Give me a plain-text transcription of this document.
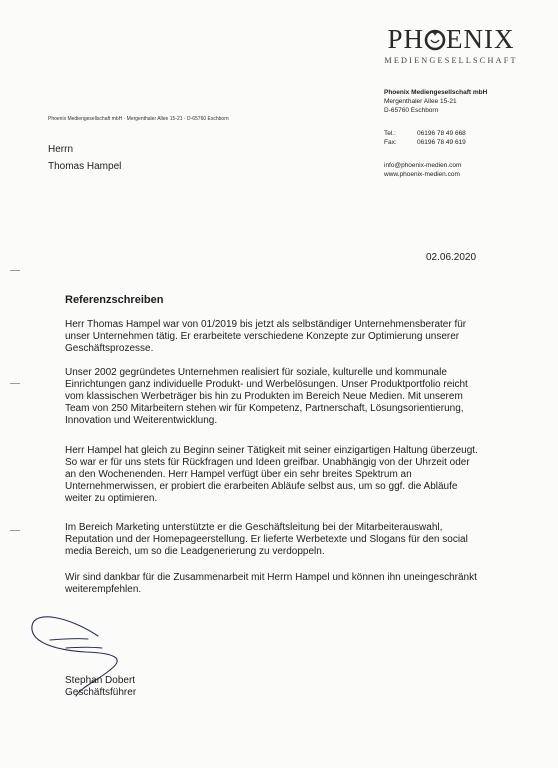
PH ENIX
MEDIENGESELLSCHAFT
Phoenix Mediengesellschaft mbH · Mergenthaler Allee 15-21 · D-65760 Eschborn
Herrn
Thomas Hampel
Phoenix Mediengesellschaft mbH
Mergenthaler Allee 15-21
D-65760 Eschborn
Tel.:	06196 78 49 668
Fax:	06196 78 49 619
info@phoenix-medien.com
www.phoenix-medien.com
02.06.2020
Referenzschreiben
Herr Thomas Hampel war von 01/2019 bis jetzt als selbständiger Unternehmensberater für
unser Unternehmen tätig. Er erarbeitete verschiedene Konzepte zur Optimierung unserer
Geschäftsprozesse.
Unser 2002 gegründetes Unternehmen realisiert für soziale, kulturelle und kommunale
Einrichtungen ganz individuelle Produkt- und Werbelösungen. Unser Produktportfolio reicht
vom klassischen Werbeträger bis hin zu Produkten im Bereich Neue Medien. Mit unserem
Team von 250 Mitarbeitern stehen wir für Kompetenz, Partnerschaft, Lösungsorientierung,
Innovation und Weiterentwicklung.
Herr Hampel hat gleich zu Beginn seiner Tätigkeit mit seiner einzigartigen Haltung überzeugt.
So war er für uns stets für Rückfragen und Ideen greifbar. Unabhängig von der Uhrzeit oder
an den Wochenenden. Herr Hampel verfügt über ein sehr breites Spektrum an
Unternehmerwissen, er probiert die erarbeiten Abläufe selbst aus, um so ggf. die Abläufe
weiter zu optimieren.
Im Bereich Marketing unterstützte er die Geschäftsleitung bei der Mitarbeiterauswahl,
Reputation und der Homepageerstellung. Er lieferte Werbetexte und Slogans für den social
media Bereich, um so die Leadgenerierung zu verdoppeln.
Wir sind dankbar für die Zusammenarbeit mit Herrn Hampel und können ihn uneingeschränkt
weiterempfehlen.
Stephan Dobert
Geschäftsführer
